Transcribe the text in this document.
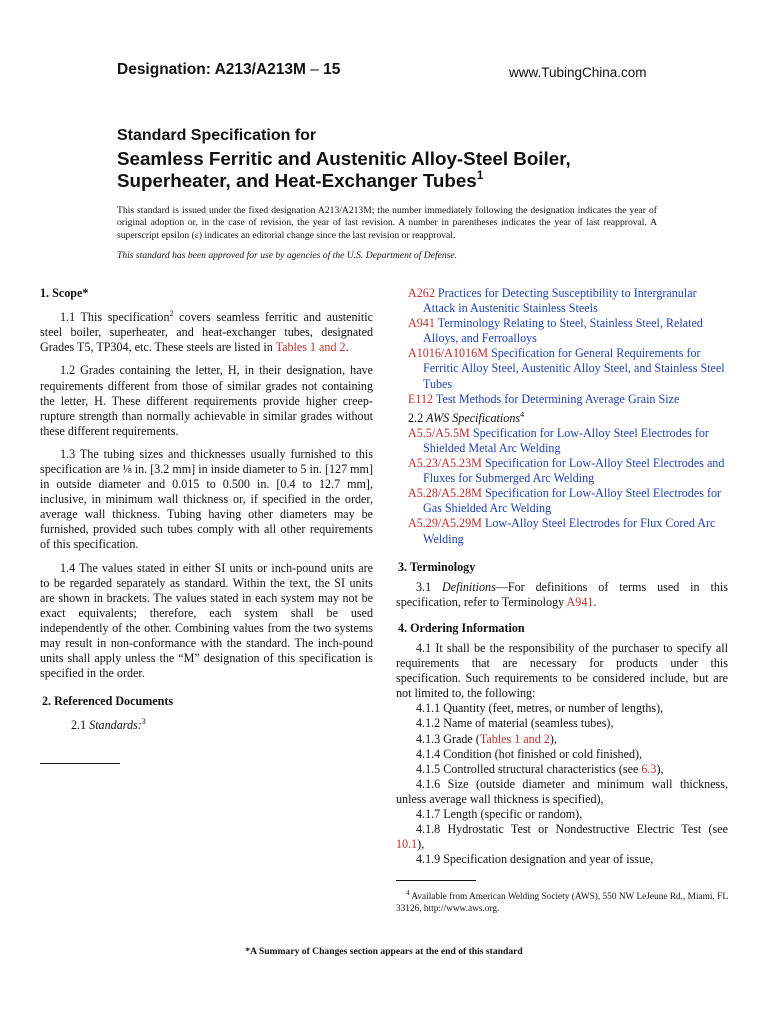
Designation: A213/A213M – 15	www.TubingChina.com
Standard Specification for
Seamless Ferritic and Austenitic Alloy-Steel Boiler,
Superheater, and Heat-Exchanger Tubes$^1$
This standard is issued under the fixed designation A213/A213M; the number immediately following the designation indicates the year of original adoption or, in the case of revision, the year of last revision. A number in parentheses indicates the year of last reapproval. A superscript epsilon (ε) indicates an editorial change since the last revision or reapproval.
This standard has been approved for use by agencies of the U.S. Department of Defense.

1. Scope*

1.1 This specification$^2$ covers seamless ferritic and austenitic steel boiler, superheater, and heat-exchanger tubes, designated Grades T5, TP304, etc. These steels are listed in Tables 1 and 2.

1.2 Grades containing the letter, H, in their designation, have requirements different from those of similar grades not containing the letter, H. These different requirements provide higher creep-rupture strength than normally achievable in similar grades without these different requirements.

1.3 The tubing sizes and thicknesses usually furnished to this specification are ⅛ in. [3.2 mm] in inside diameter to 5 in. [127 mm] in outside diameter and 0.015 to 0.500 in. [0.4 to 12.7 mm], inclusive, in minimum wall thickness or, if specified in the order, average wall thickness. Tubing having other diameters may be furnished, provided such tubes comply with all other requirements of this specification.

1.4 The values stated in either SI units or inch-pound units are to be regarded separately as standard. Within the text, the SI units are shown in brackets. The values stated in each system may not be exact equivalents; therefore, each system shall be used independently of the other. Combining values from the two systems may result in non-conformance with the standard. The inch-pound units shall apply unless the “M” designation of this specification is specified in the order.

2. Referenced Documents

2.1 Standards:$^3$

A262 Practices for Detecting Susceptibility to Intergranular Attack in Austenitic Stainless Steels

A941 Terminology Relating to Steel, Stainless Steel, Related Alloys, and Ferroalloys

A1016/A1016M Specification for General Requirements for Ferritic Alloy Steel, Austenitic Alloy Steel, and Stainless Steel Tubes

E112 Test Methods for Determining Average Grain Size

2.2 AWS Specifications$^4$

A5.5/A5.5M Specification for Low-Alloy Steel Electrodes for Shielded Metal Arc Welding

A5.23/A5.23M Specification for Low-Alloy Steel Electrodes and Fluxes for Submerged Arc Welding

A5.28/A5.28M Specification for Low-Alloy Steel Electrodes for Gas Shielded Arc Welding

A5.29/A5.29M Low-Alloy Steel Electrodes for Flux Cored Arc Welding

3. Terminology

3.1 Definitions—For definitions of terms used in this specification, refer to Terminology A941.

4. Ordering Information

4.1 It shall be the responsibility of the purchaser to specify all requirements that are necessary for products under this specification. Such requirements to be considered include, but are not limited to, the following:

4.1.1 Quantity (feet, metres, or number of lengths),

4.1.2 Name of material (seamless tubes),

4.1.3 Grade (Tables 1 and 2),

4.1.4 Condition (hot finished or cold finished),

4.1.5 Controlled structural characteristics (see 6.3),

4.1.6 Size (outside diameter and minimum wall thickness, unless average wall thickness is specified),

4.1.7 Length (specific or random),

4.1.8 Hydrostatic Test or Nondestructive Electric Test (see 10.1),

4.1.9 Specification designation and year of issue,

$^4$ Available from American Welding Society (AWS), 550 NW LeJeune Rd., Miami, FL 33126, http://www.aws.org.
*A Summary of Changes section appears at the end of this standard
